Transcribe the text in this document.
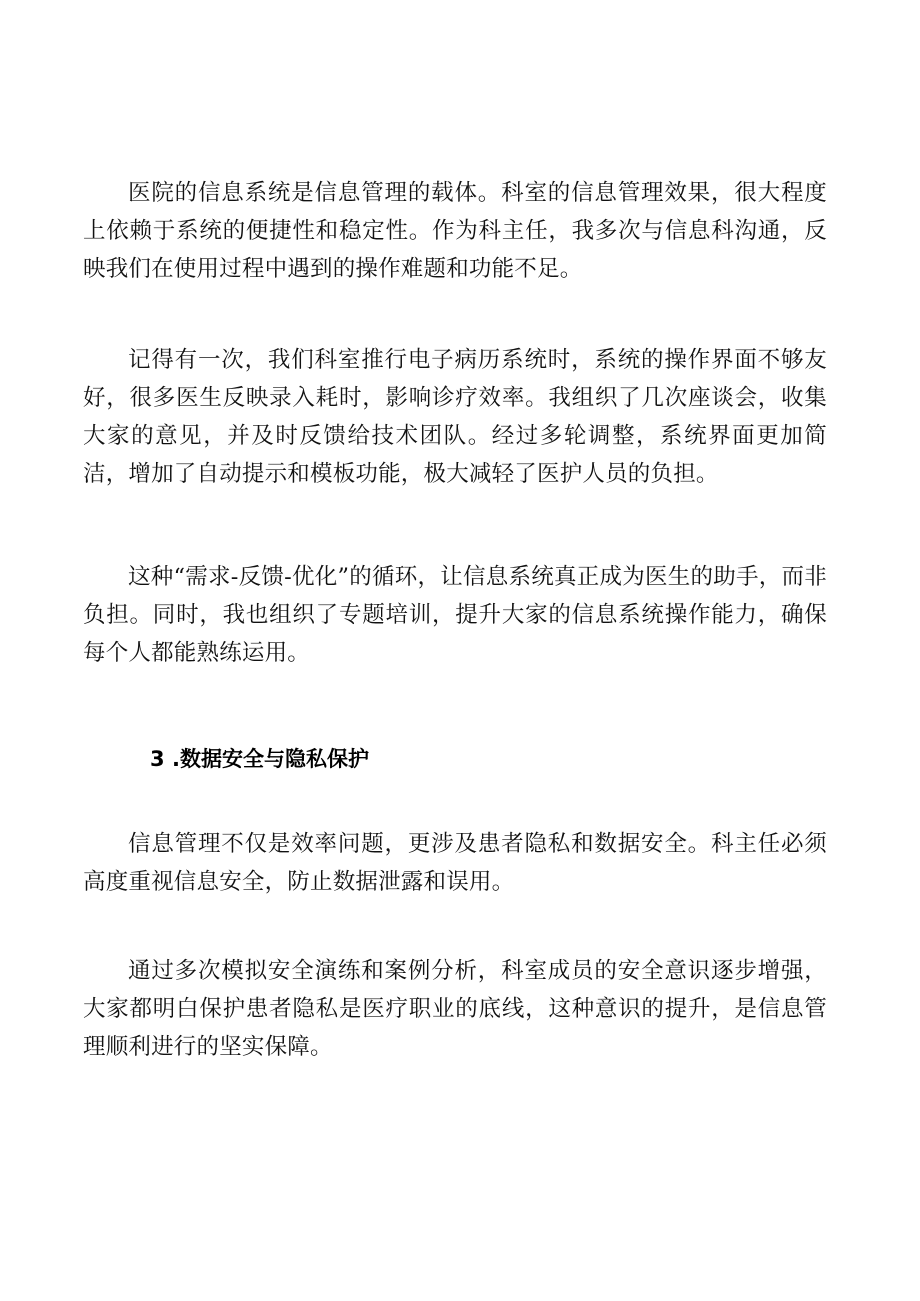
医院的信息系统是信息管理的载体。科室的信息管理效果，很大程度上依赖于系统的便捷性和稳定性。作为科主任，我多次与信息科沟通，反映我们在使用过程中遇到的操作难题和功能不足。

记得有一次，我们科室推行电子病历系统时，系统的操作界面不够友好，很多医生反映录入耗时，影响诊疗效率。我组织了几次座谈会，收集大家的意见，并及时反馈给技术团队。经过多轮调整，系统界面更加简洁，增加了自动提示和模板功能，极大减轻了医护人员的负担。

这种“需求-反馈-优化”的循环，让信息系统真正成为医生的助手，而非负担。同时，我也组织了专题培训，提升大家的信息系统操作能力，确保每个人都能熟练运用。

3 .数据安全与隐私保护

信息管理不仅是效率问题，更涉及患者隐私和数据安全。科主任必须高度重视信息安全，防止数据泄露和误用。

通过多次模拟安全演练和案例分析，科室成员的安全意识逐步增强，大家都明白保护患者隐私是医疗职业的底线，这种意识的提升，是信息管理顺利进行的坚实保障。
